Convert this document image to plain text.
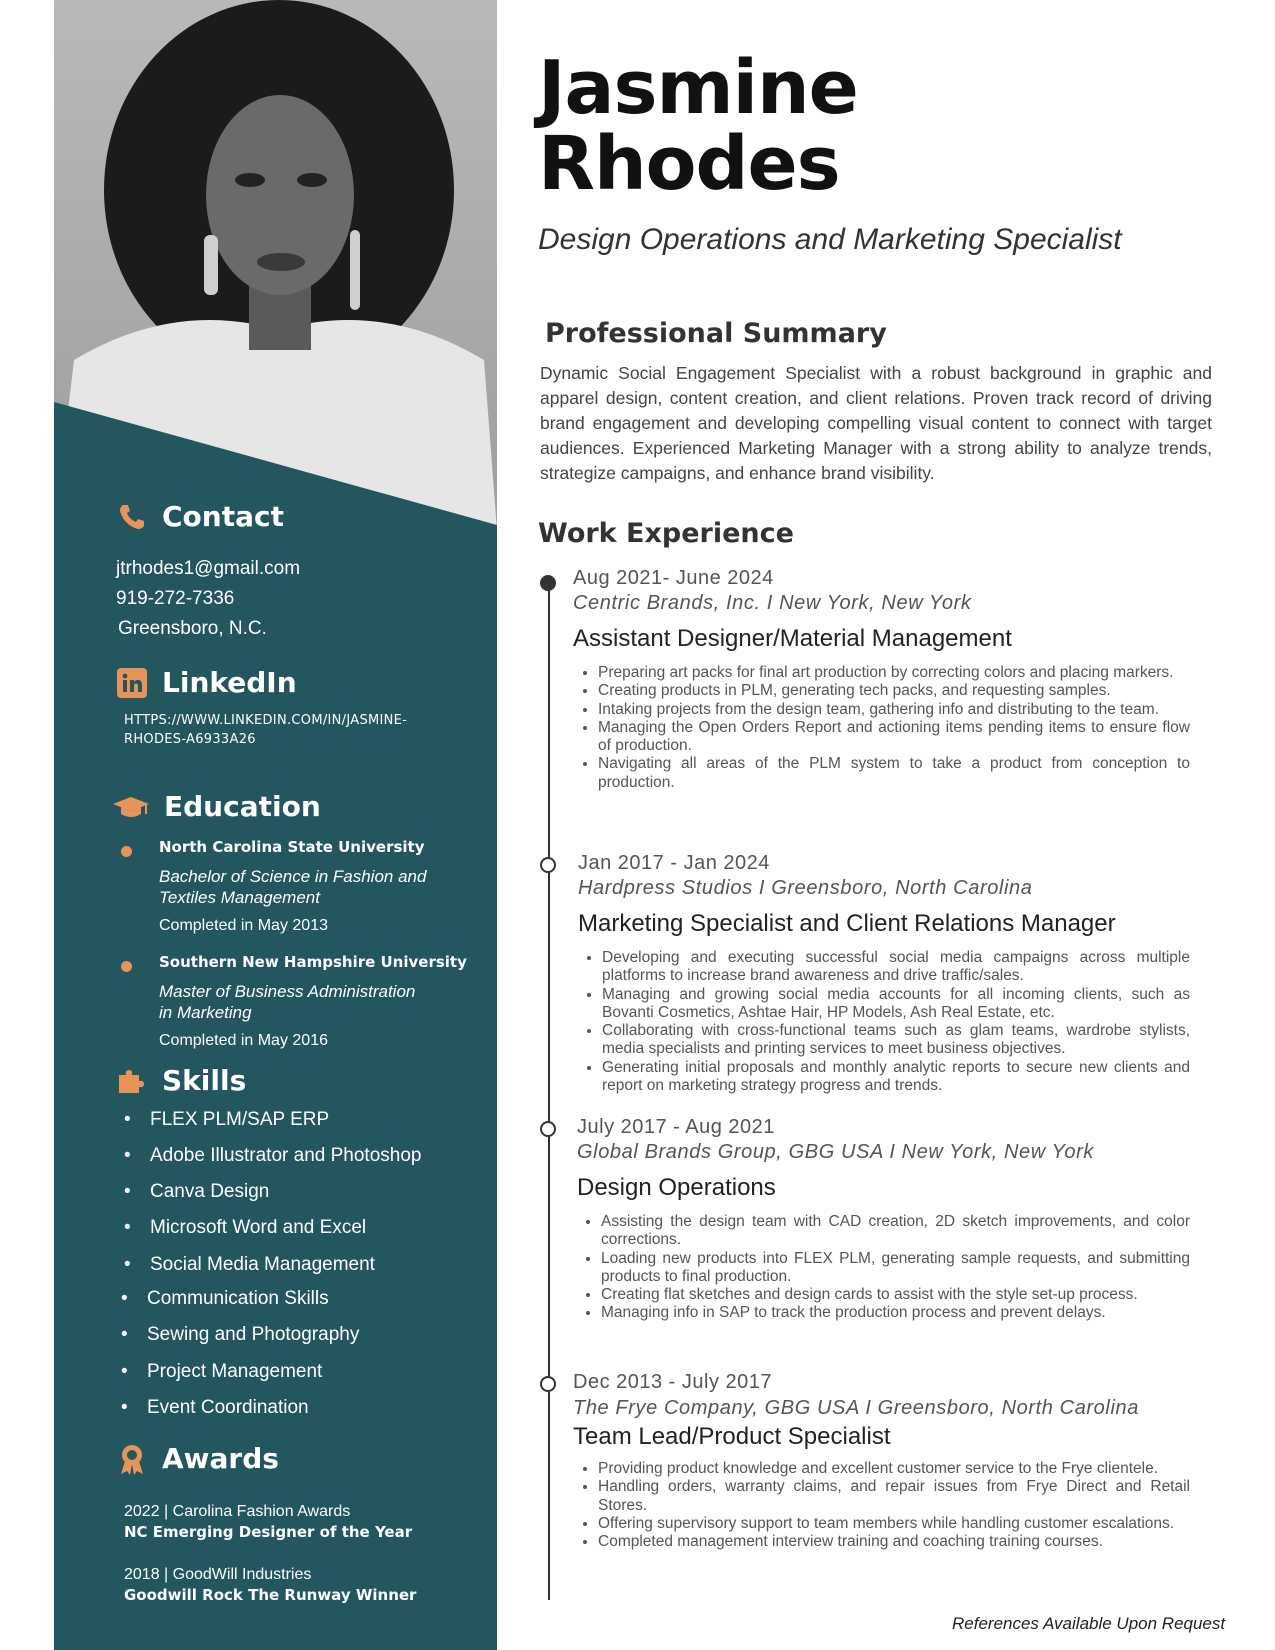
Contact
jtrhodes1@gmail.com
919-272-7336
Greensboro, N.C.
LinkedIn
HTTPS://WWW.LINKEDIN.COM/IN/JASMINE-
RHODES-A6933A26
Education
North Carolina State University
Bachelor of Science in Fashion and
Textiles Management
Completed in May 2013
Southern New Hampshire University
Master of Business Administration
in Marketing
Completed in May 2016
Skills
• FLEX PLM/SAP ERP
• Adobe Illustrator and Photoshop
• Canva Design
• Microsoft Word and Excel
• Social Media Management
• Communication Skills
• Sewing and Photography
• Project Management
• Event Coordination
Awards
2022 | Carolina Fashion Awards
NC Emerging Designer of the Year
2018 | GoodWill Industries
Goodwill Rock The Runway Winner
Jasmine
Rhodes
Design Operations and Marketing Specialist
Professional Summary
Dynamic Social Engagement Specialist with a robust background in graphic and apparel design, content creation, and client relations. Proven track record of driving brand engagement and developing compelling visual content to connect with target audiences. Experienced Marketing Manager with a strong ability to analyze trends, strategize campaigns, and enhance brand visibility.
Work Experience
Aug 2021- June 2024
Centric Brands, Inc. I New York, New York
Assistant Designer/Material Management
• Preparing art packs for final art production by correcting colors and placing markers.
• Creating products in PLM, generating tech packs, and requesting samples.
• Intaking projects from the design team, gathering info and distributing to the team.
• Managing the Open Orders Report and actioning items pending items to ensure flow of production.
• Navigating all areas of the PLM system to take a product from conception to production.
Jan 2017 - Jan 2024
Hardpress Studios I Greensboro, North Carolina
Marketing Specialist and Client Relations Manager
• Developing and executing successful social media campaigns across multiple platforms to increase brand awareness and drive traffic/sales.
• Managing and growing social media accounts for all incoming clients, such as Bovanti Cosmetics, Ashtae Hair, HP Models, Ash Real Estate, etc.
• Collaborating with cross-functional teams such as glam teams, wardrobe stylists, media specialists and printing services to meet business objectives.
• Generating initial proposals and monthly analytic reports to secure new clients and report on marketing strategy progress and trends.
July 2017 - Aug 2021
Global Brands Group, GBG USA I New York, New York
Design Operations
• Assisting the design team with CAD creation, 2D sketch improvements, and color corrections.
• Loading new products into FLEX PLM, generating sample requests, and submitting products to final production.
• Creating flat sketches and design cards to assist with the style set-up process.
• Managing info in SAP to track the production process and prevent delays.
Dec 2013 - July 2017
The Frye Company, GBG USA I Greensboro, North Carolina
Team Lead/Product Specialist
• Providing product knowledge and excellent customer service to the Frye clientele.
• Handling orders, warranty claims, and repair issues from Frye Direct and Retail Stores.
• Offering supervisory support to team members while handling customer escalations.
• Completed management interview training and coaching training courses.
References Available Upon Request
